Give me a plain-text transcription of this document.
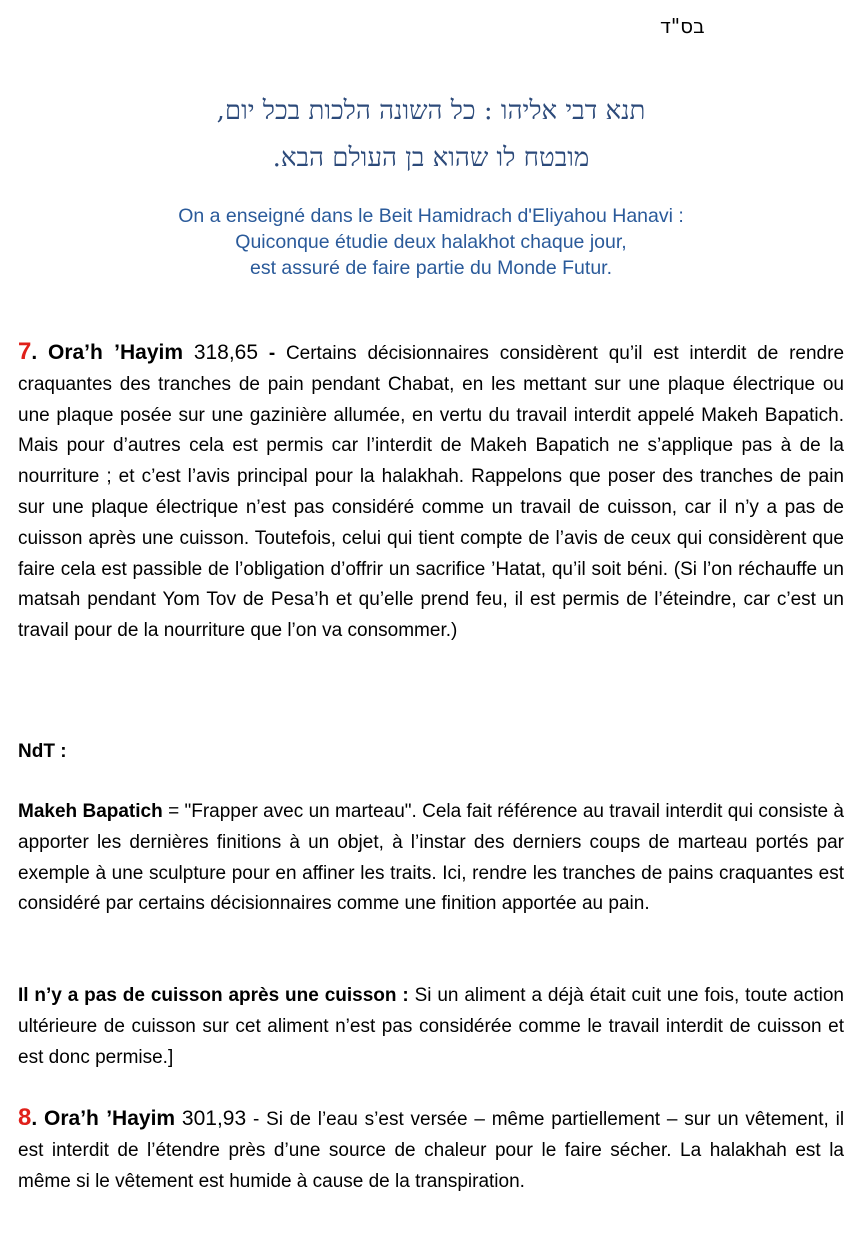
בס"ד
תנא דבי אליהו : כל השונה הלכות בכל יום,
מובטח לו שהוא בן העולם הבא.
On a enseigné dans le Beit Hamidrach d'Eliyahou Hanavi :
Quiconque étudie deux halakhot chaque jour,
est assuré de faire partie du Monde Futur.
7. Ora’h ’Hayim 318,65 - Certains décisionnaires considèrent qu’il est interdit de rendre craquantes des tranches de pain pendant Chabat, en les mettant sur une plaque électrique ou une plaque posée sur une gazinière allumée, en vertu du travail interdit appelé Makeh Bapatich. Mais pour d’autres cela est permis car l’interdit de Makeh Bapatich ne s’applique pas à de la nourriture ; et c’est l’avis principal pour la halakhah. Rappelons que poser des tranches de pain sur une plaque électrique n’est pas considéré comme un travail de cuisson, car il n’y a pas de cuisson après une cuisson. Toutefois, celui qui tient compte de l’avis de ceux qui considèrent que faire cela est passible de l’obligation d’offrir un sacrifice ’Hatat, qu’il soit béni. (Si l’on réchauffe un matsah pendant Yom Tov de Pesa’h et qu’elle prend feu, il est permis de l’éteindre, car c’est un travail pour de la nourriture que l’on va consommer.)
NdT :
Makeh Bapatich = "Frapper avec un marteau". Cela fait référence au travail interdit qui consiste à apporter les dernières finitions à un objet, à l’instar des derniers coups de marteau portés par exemple à une sculpture pour en affiner les traits. Ici, rendre les tranches de pains craquantes est considéré par certains décisionnaires comme une finition apportée au pain.
Il n’y a pas de cuisson après une cuisson : Si un aliment a déjà était cuit une fois, toute action ultérieure de cuisson sur cet aliment n’est pas considérée comme le travail interdit de cuisson et est donc permise.]
8. Ora’h ’Hayim 301,93 - Si de l’eau s’est versée – même partiellement – sur un vêtement, il est interdit de l’étendre près d’une source de chaleur pour le faire sécher. La halakhah est la même si le vêtement est humide à cause de la transpiration.
